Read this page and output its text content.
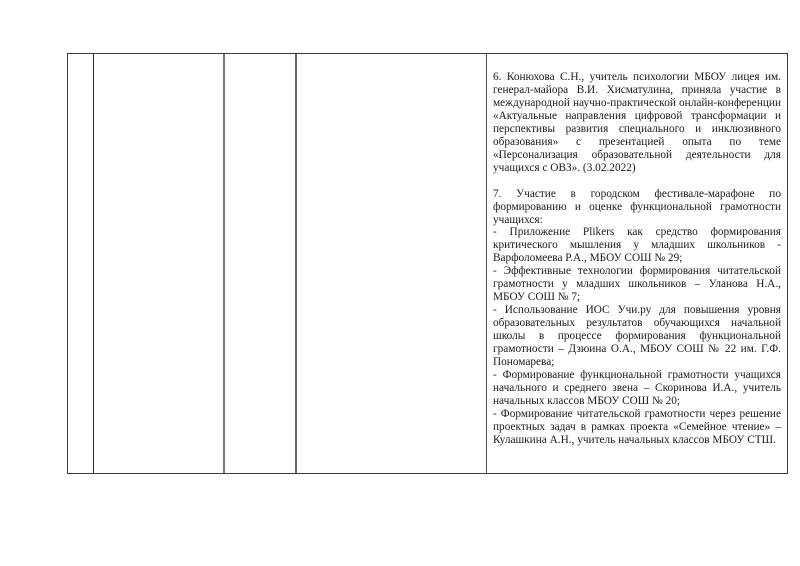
6. Конюхова С.Н., учитель психологии МБОУ лицея им. генерал-майора В.И. Хисматулина, приняла участие в международной научно-практической онлайн-конференции «Актуальные направления цифровой трансформации и перспективы развития специального и инклюзивного образования» с презентацией опыта по теме «Персонализация образовательной деятельности для учащихся с ОВЗ». (3.02.2022)

7. Участие в городском фестивале-марафоне по формированию и оценке функциональной грамотности учащихся:

- Приложение Plikers как средство формирования критического мышления у младших школьников - Варфоломеева Р.А., МБОУ СОШ № 29;

- Эффективные технологии формирования читательской грамотности у младших школьников – Уланова Н.А., МБОУ СОШ № 7;

- Использование ИОС Учи.ру для повышения уровня образовательных результатов обучающихся начальной школы в процессе формирования функциональной грамотности – Дзюина О.А., МБОУ СОШ № 22 им. Г.Ф. Пономарева;

- Формирование функциональной грамотности учащихся начального и среднего звена – Скоринова И.А., учитель начальных классов МБОУ СОШ № 20;

- Формирование читательской грамотности через решение проектных задач в рамках проекта «Семейное чтение» – Кулашкина А.Н., учитель начальных классов МБОУ СТШ.
